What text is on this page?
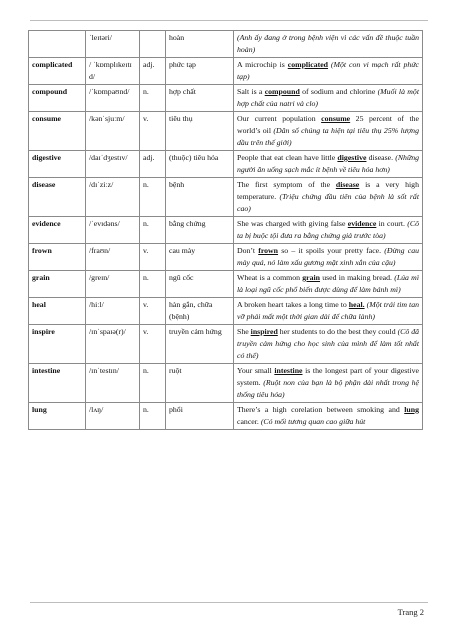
	ˈleɪtəri/		hoàn	(Anh ấy đang ở trong bệnh viện vì các vấn đề thuộc tuần hoàn)
complicated	/ ˈkɒmplɪkeɪtɪ d/	adj.	phức tạp	A microchip is complicated (Một con vi mạch rất phức tạp)
compound	/ˈkɒmpaʊnd/	n.	hợp chất	Salt is a compound of sodium and chlorine (Muối là một hợp chất của natri và clo)
consume	/kənˈsjuːm/	v.	tiêu thụ	Our current population consume 25 percent of the world’s oil (Dân số chúng ta hiện tại tiêu thụ 25% lượng dầu trên thế giới)
digestive	/daɪˈdʒestɪv/	adj.	(thuộc) tiêu hóa	People that eat clean have little digestive disease. (Những người ăn uống sạch mắc ít bệnh về tiêu hóa hơn)
disease	/dɪˈziːz/	n.	bệnh	The first symptom of the disease is a very high temperature. (Triệu chứng đầu tiên của bệnh là sốt rất cao)
evidence	/ˈevɪdəns/	n.	bằng chứng	She was charged with giving false evidence in court. (Cô ta bị buộc tội đưa ra bằng chứng giả trước tòa)
frown	/fraʊn/	v.	cau mày	Don’t frown so – it spoils your pretty face. (Đừng cau mày quá, nó làm xấu gương mặt xinh xắn của cậu)
grain	/greɪn/	n.	ngũ cốc	Wheat is a common grain used in making bread. (Lúa mì là loại ngũ cốc phổ biến được dùng để làm bánh mì)
heal	/hiːl/	v.	hàn gắn, chữa (bệnh)	A broken heart takes a long time to heal. (Một trái tim tan vỡ phải mất một thời gian dài để chữa lành)
inspire	/ɪnˈspaɪə(r)/	v.	truyền cảm hứng	She inspired her students to do the best they could (Cô đã truyền cảm hứng cho học sinh của mình để làm tốt nhất có thể)
intestine	/ɪnˈtestɪn/	n.	ruột	Your small intestine is the longest part of your digestive system. (Ruột non của bạn là bộ phận dài nhất trong hệ thống tiêu hóa)
lung	/lʌŋ/	n.	phổi	There’s a high corelation between smoking and lung cancer. (Có mối tương quan cao giữa hút
Trang 2
